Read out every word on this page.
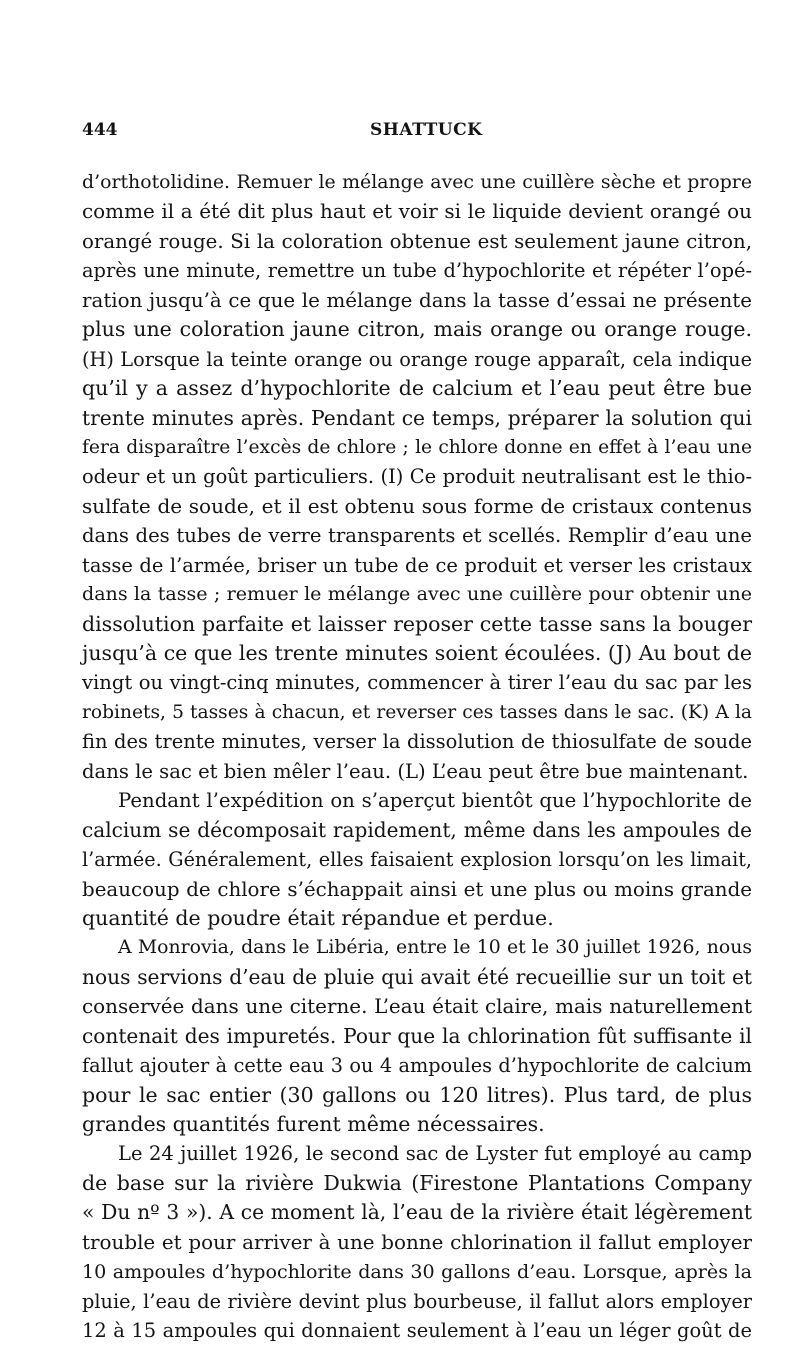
444	SHATTUCK
d’orthotolidine. Remuer le mélange avec une cuillère sèche et propre
comme il a été dit plus haut et voir si le liquide devient orangé ou
orangé rouge. Si la coloration obtenue est seulement jaune citron,
après une minute, remettre un tube d’hypochlorite et répéter l’opé-
ration jusqu’à ce que le mélange dans la tasse d’essai ne présente
plus une coloration jaune citron, mais orange ou orange rouge.
(H) Lorsque la teinte orange ou orange rouge apparaît, cela indique
qu’il y a assez d’hypochlorite de calcium et l’eau peut être bue
trente minutes après. Pendant ce temps, préparer la solution qui
fera disparaître l’excès de chlore ; le chlore donne en effet à l’eau une
odeur et un goût particuliers. (I) Ce produit neutralisant est le thio-
sulfate de soude, et il est obtenu sous forme de cristaux contenus
dans des tubes de verre transparents et scellés. Remplir d’eau une
tasse de l’armée, briser un tube de ce produit et verser les cristaux
dans la tasse ; remuer le mélange avec une cuillère pour obtenir une
dissolution parfaite et laisser reposer cette tasse sans la bouger
jusqu’à ce que les trente minutes soient écoulées. (J) Au bout de
vingt ou vingt-cinq minutes, commencer à tirer l’eau du sac par les
robinets, 5 tasses à chacun, et reverser ces tasses dans le sac. (K) A la
fin des trente minutes, verser la dissolution de thiosulfate de soude
dans le sac et bien mêler l’eau. (L) L’eau peut être bue maintenant.
Pendant l’expédition on s’aperçut bientôt que l’hypochlorite de
calcium se décomposait rapidement, même dans les ampoules de
l’armée. Généralement, elles faisaient explosion lorsqu’on les limait,
beaucoup de chlore s’échappait ainsi et une plus ou moins grande
quantité de poudre était répandue et perdue.
A Monrovia, dans le Libéria, entre le 10 et le 30 juillet 1926, nous
nous servions d’eau de pluie qui avait été recueillie sur un toit et
conservée dans une citerne. L’eau était claire, mais naturellement
contenait des impuretés. Pour que la chlorination fût suffisante il
fallut ajouter à cette eau 3 ou 4 ampoules d’hypochlorite de calcium
pour le sac entier (30 gallons ou 120 litres). Plus tard, de plus
grandes quantités furent même nécessaires.
Le 24 juillet 1926, le second sac de Lyster fut employé au camp
de base sur la rivière Dukwia (Firestone Plantations Company
« Du nº 3 »). A ce moment là, l’eau de la rivière était légèrement
trouble et pour arriver à une bonne chlorination il fallut employer
10 ampoules d’hypochlorite dans 30 gallons d’eau. Lorsque, après la
pluie, l’eau de rivière devint plus bourbeuse, il fallut alors employer
12 à 15 ampoules qui donnaient seulement à l’eau un léger goût de
